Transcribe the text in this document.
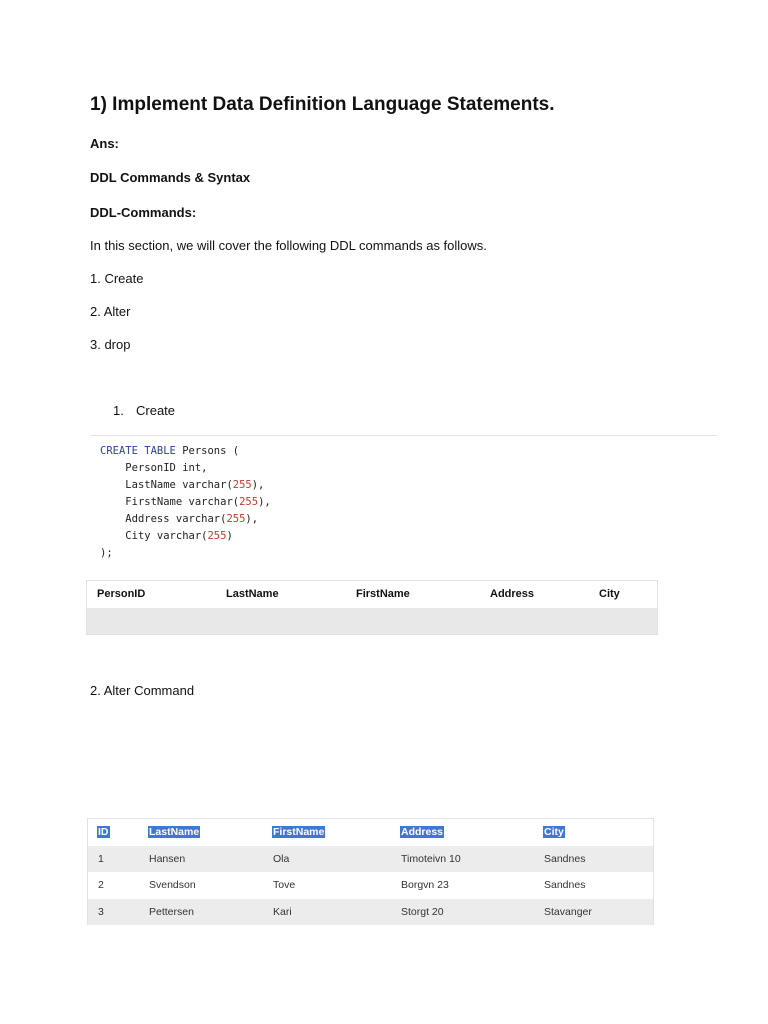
1) Implement Data Definition Language Statements.
Ans:
DDL Commands & Syntax
DDL-Commands:
In this section, we will cover the following DDL commands as follows.
1. Create
2. Alter
3. drop
1. Create
CREATE TABLE Persons (
PersonID int,
LastName varchar(255),
FirstName varchar(255),
Address varchar(255),
City varchar(255)
);
PersonID	LastName	FirstName	Address	City
2. Alter Command
ID	LastName	FirstName	Address	City
1	Hansen	Ola	Timoteivn 10	Sandnes
2	Svendson	Tove	Borgvn 23	Sandnes
3	Pettersen	Kari	Storgt 20	Stavanger
